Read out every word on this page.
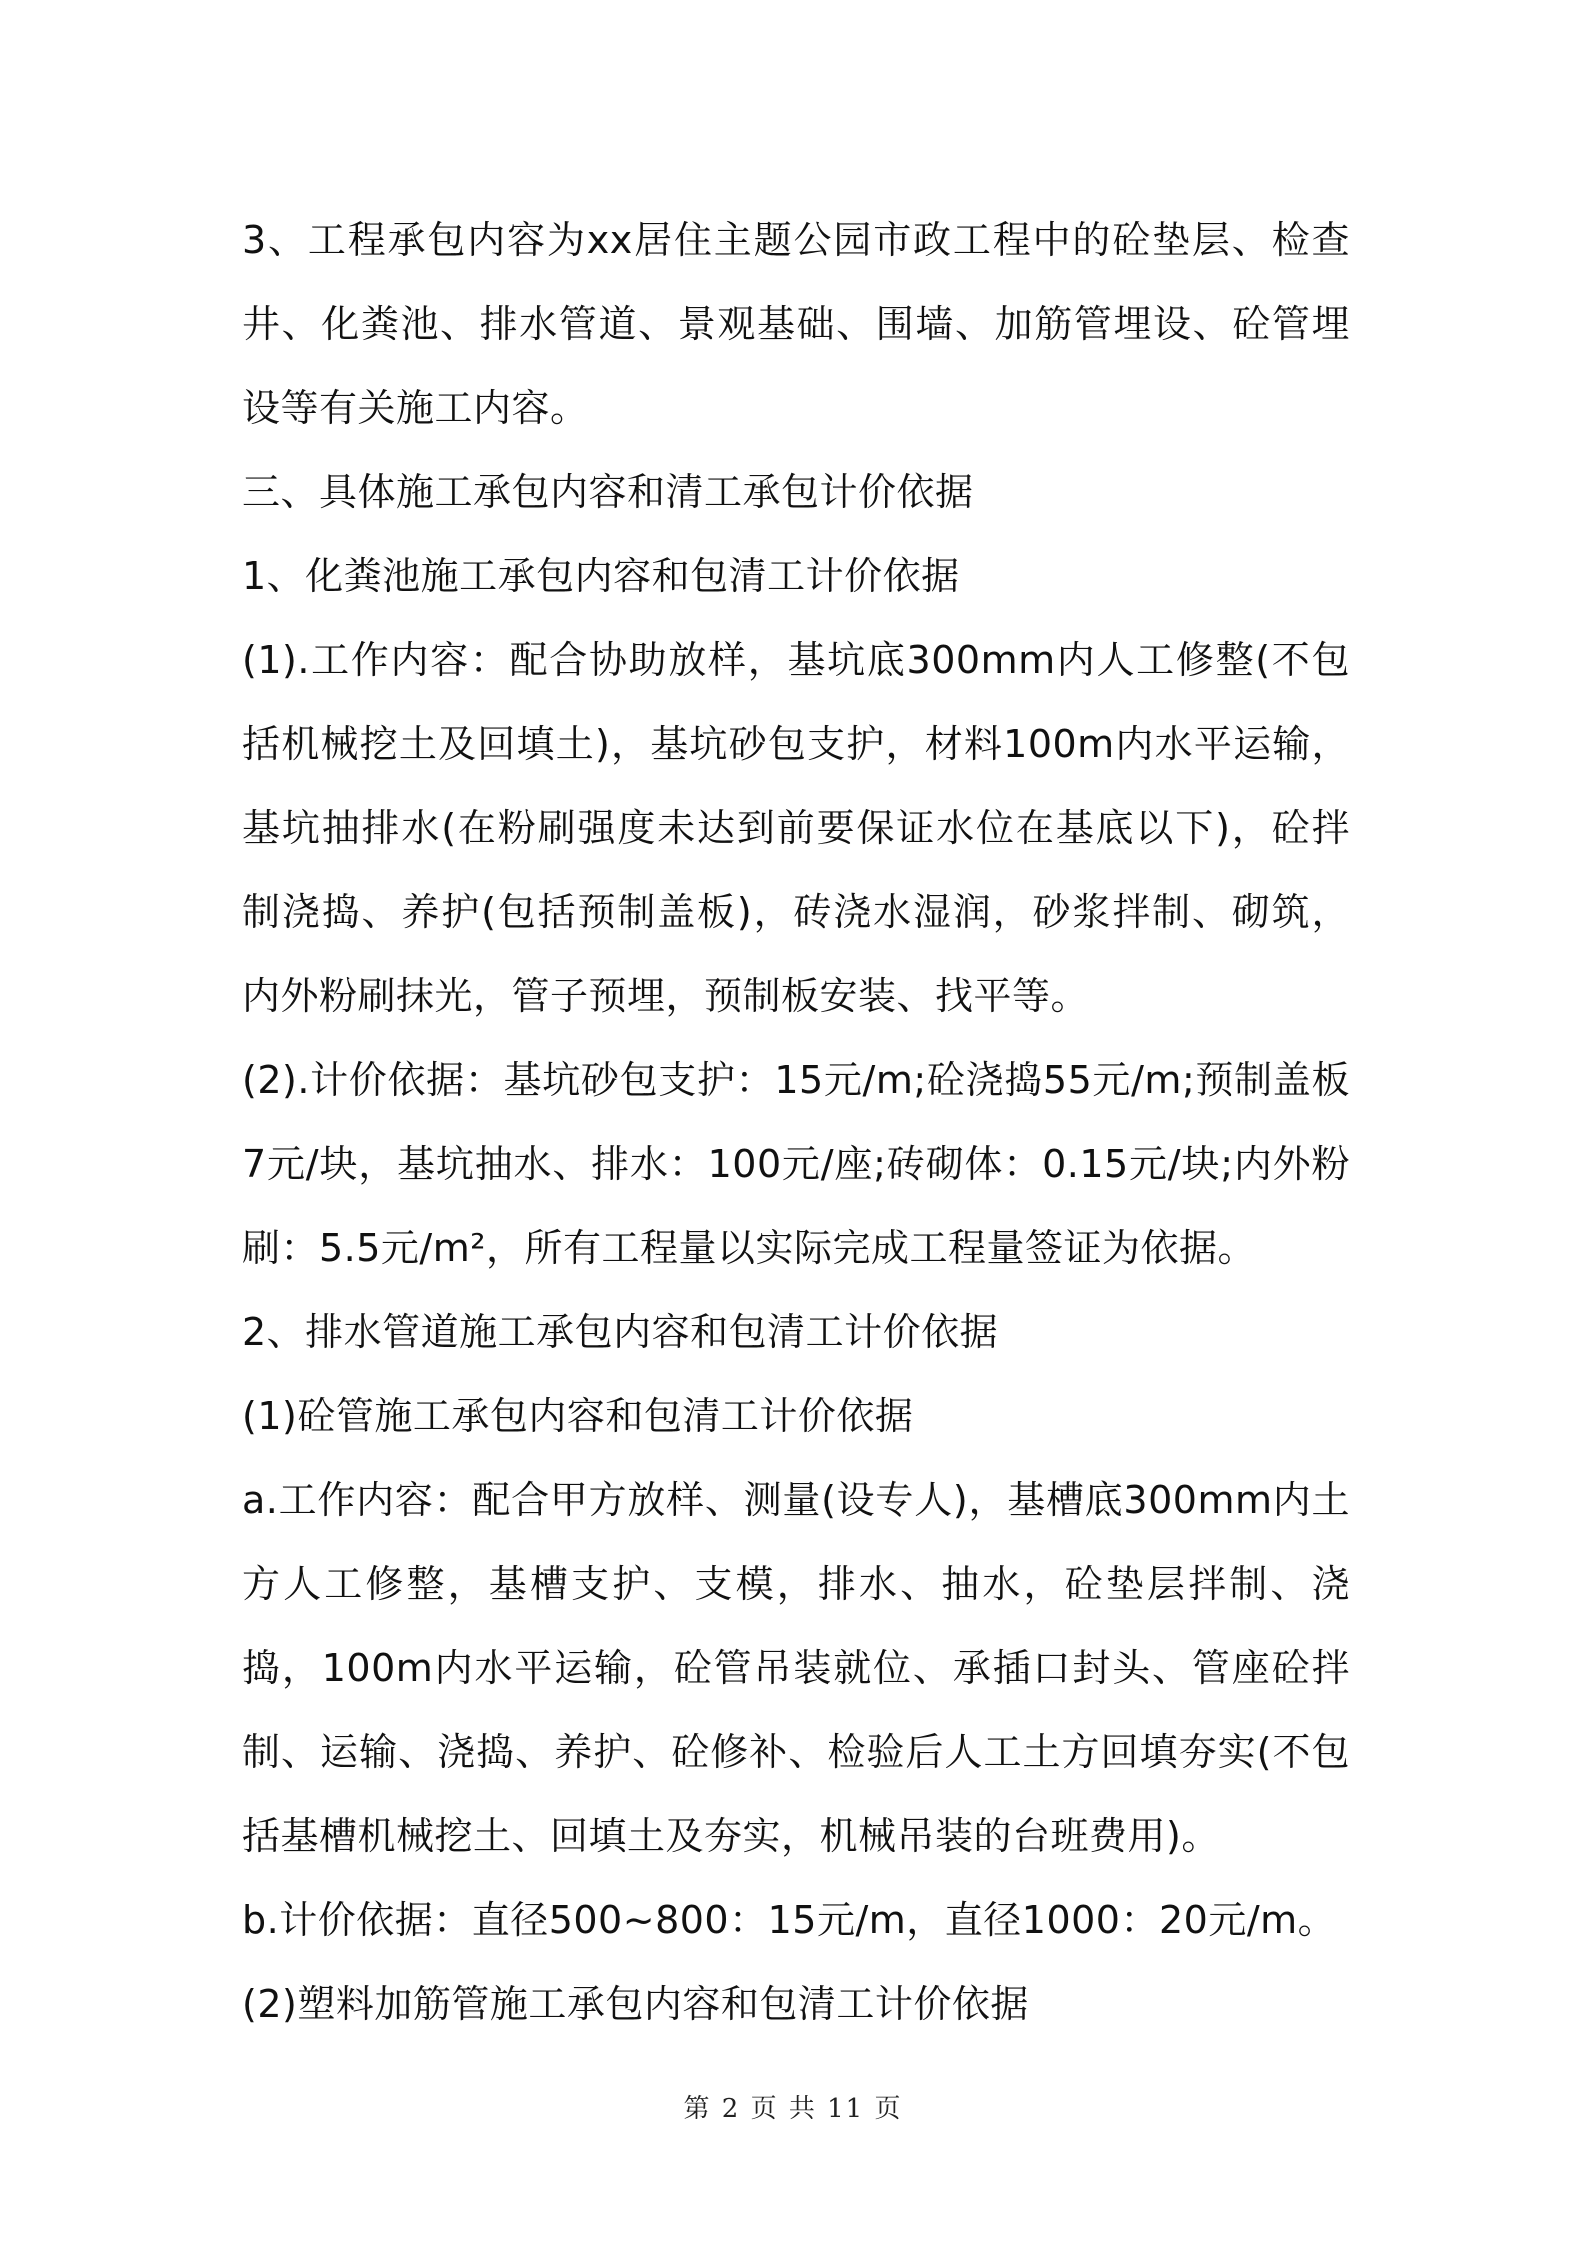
3、工程承包内容为xx居住主题公园市政工程中的砼垫层、检查井、化粪池、排水管道、景观基础、围墙、加筋管埋设、砼管埋设等有关施工内容。

三、具体施工承包内容和清工承包计价依据

1、化粪池施工承包内容和包清工计价依据

(1).工作内容：配合协助放样，基坑底300mm内人工修整(不包括机械挖土及回填土)，基坑砂包支护，材料100m内水平运输，基坑抽排水(在粉刷强度未达到前要保证水位在基底以下)，砼拌制浇捣、养护(包括预制盖板)，砖浇水湿润，砂浆拌制、砌筑，内外粉刷抹光，管子预埋，预制板安装、找平等。

(2).计价依据：基坑砂包支护：15元/m;砼浇捣55元/m;预制盖板7元/块，基坑抽水、排水：100元/座;砖砌体：0.15元/块;内外粉刷：5.5元/m²，所有工程量以实际完成工程量签证为依据。

2、排水管道施工承包内容和包清工计价依据

(1)砼管施工承包内容和包清工计价依据

a.工作内容：配合甲方放样、测量(设专人)，基槽底300mm内土方人工修整，基槽支护、支模，排水、抽水，砼垫层拌制、浇捣，100m内水平运输，砼管吊装就位、承插口封头、管座砼拌制、运输、浇捣、养护、砼修补、检验后人工土方回填夯实(不包括基槽机械挖土、回填土及夯实，机械吊装的台班费用)。

b.计价依据：直径500~800：15元/m，直径1000：20元/m。

(2)塑料加筋管施工承包内容和包清工计价依据

第 2 页 共 11 页
